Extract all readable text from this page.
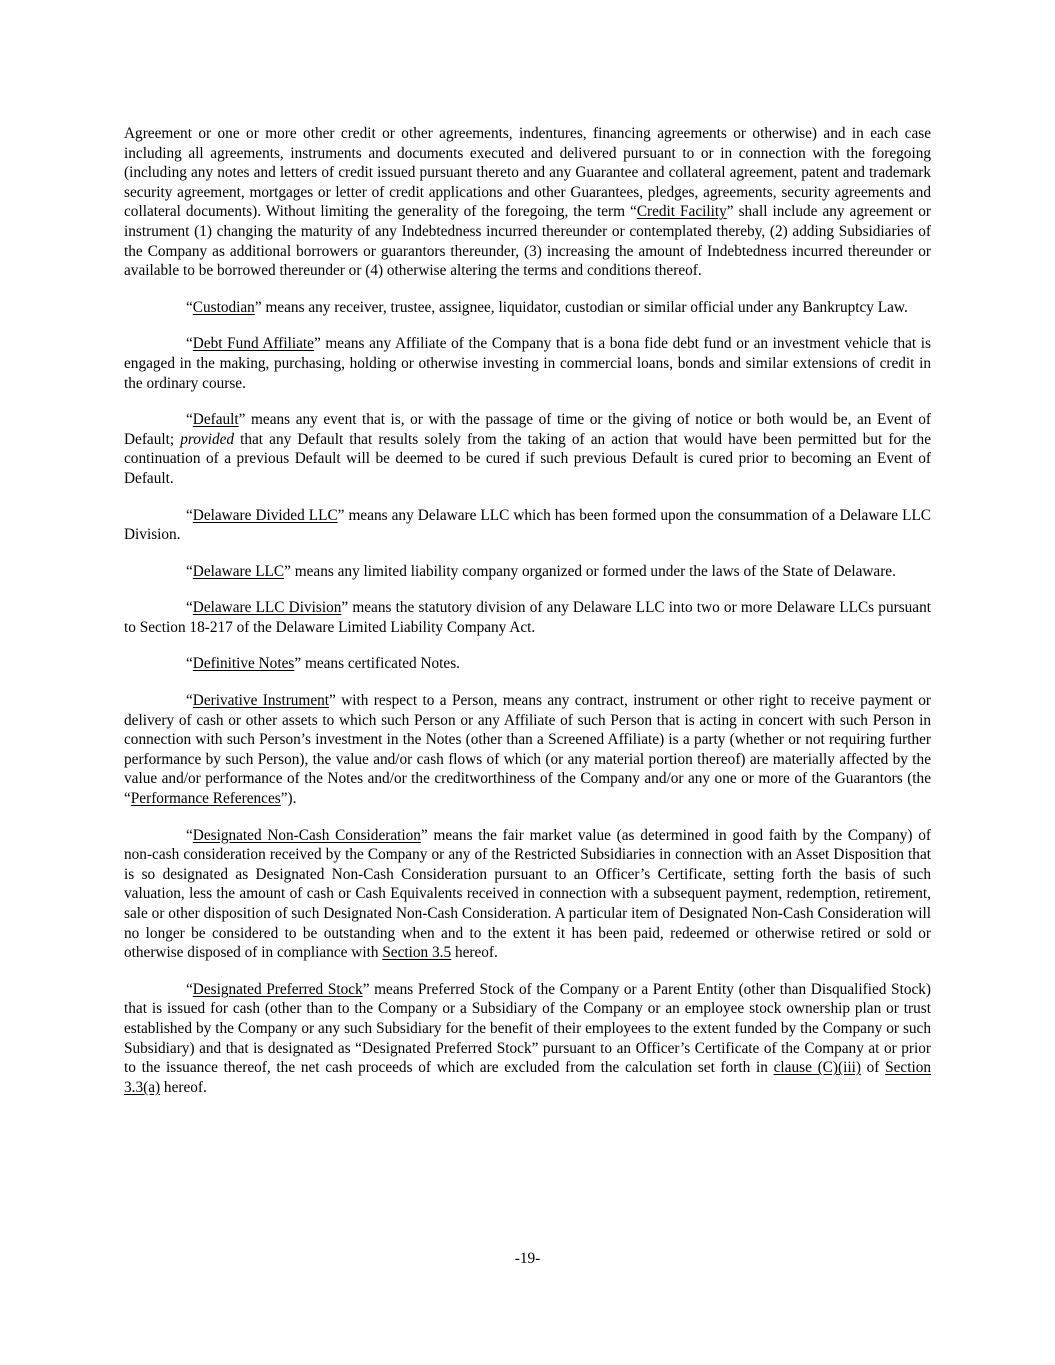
Agreement or one or more other credit or other agreements, indentures, financing agreements or otherwise) and in each case including all agreements, instruments and documents executed and delivered pursuant to or in connection with the foregoing (including any notes and letters of credit issued pursuant thereto and any Guarantee and collateral agreement, patent and trademark security agreement, mortgages or letter of credit applications and other Guarantees, pledges, agreements, security agreements and collateral documents). Without limiting the generality of the foregoing, the term “Credit Facility” shall include any agreement or instrument (1) changing the maturity of any Indebtedness incurred thereunder or contemplated thereby, (2) adding Subsidiaries of the Company as additional borrowers or guarantors thereunder, (3) increasing the amount of Indebtedness incurred thereunder or available to be borrowed thereunder or (4) otherwise altering the terms and conditions thereof.

“Custodian” means any receiver, trustee, assignee, liquidator, custodian or similar official under any Bankruptcy Law.

“Debt Fund Affiliate” means any Affiliate of the Company that is a bona fide debt fund or an investment vehicle that is engaged in the making, purchasing, holding or otherwise investing in commercial loans, bonds and similar extensions of credit in the ordinary course.

“Default” means any event that is, or with the passage of time or the giving of notice or both would be, an Event of Default; provided that any Default that results solely from the taking of an action that would have been permitted but for the continuation of a previous Default will be deemed to be cured if such previous Default is cured prior to becoming an Event of Default.

“Delaware Divided LLC” means any Delaware LLC which has been formed upon the consummation of a Delaware LLC Division.

“Delaware LLC” means any limited liability company organized or formed under the laws of the State of Delaware.

“Delaware LLC Division” means the statutory division of any Delaware LLC into two or more Delaware LLCs pursuant to Section 18-217 of the Delaware Limited Liability Company Act.

“Definitive Notes” means certificated Notes.

“Derivative Instrument” with respect to a Person, means any contract, instrument or other right to receive payment or delivery of cash or other assets to which such Person or any Affiliate of such Person that is acting in concert with such Person in connection with such Person’s investment in the Notes (other than a Screened Affiliate) is a party (whether or not requiring further performance by such Person), the value and/or cash flows of which (or any material portion thereof) are materially affected by the value and/or performance of the Notes and/or the creditworthiness of the Company and/or any one or more of the Guarantors (the “Performance References”).

“Designated Non-Cash Consideration” means the fair market value (as determined in good faith by the Company) of non-cash consideration received by the Company or any of the Restricted Subsidiaries in connection with an Asset Disposition that is so designated as Designated Non-Cash Consideration pursuant to an Officer’s Certificate, setting forth the basis of such valuation, less the amount of cash or Cash Equivalents received in connection with a subsequent payment, redemption, retirement, sale or other disposition of such Designated Non-Cash Consideration. A particular item of Designated Non-Cash Consideration will no longer be considered to be outstanding when and to the extent it has been paid, redeemed or otherwise retired or sold or otherwise disposed of in compliance with Section 3.5 hereof.

“Designated Preferred Stock” means Preferred Stock of the Company or a Parent Entity (other than Disqualified Stock) that is issued for cash (other than to the Company or a Subsidiary of the Company or an employee stock ownership plan or trust established by the Company or any such Subsidiary for the benefit of their employees to the extent funded by the Company or such Subsidiary) and that is designated as “Designated Preferred Stock” pursuant to an Officer’s Certificate of the Company at or prior to the issuance thereof, the net cash proceeds of which are excluded from the calculation set forth in clause (C)(iii) of Section 3.3(a) hereof.

-19-
